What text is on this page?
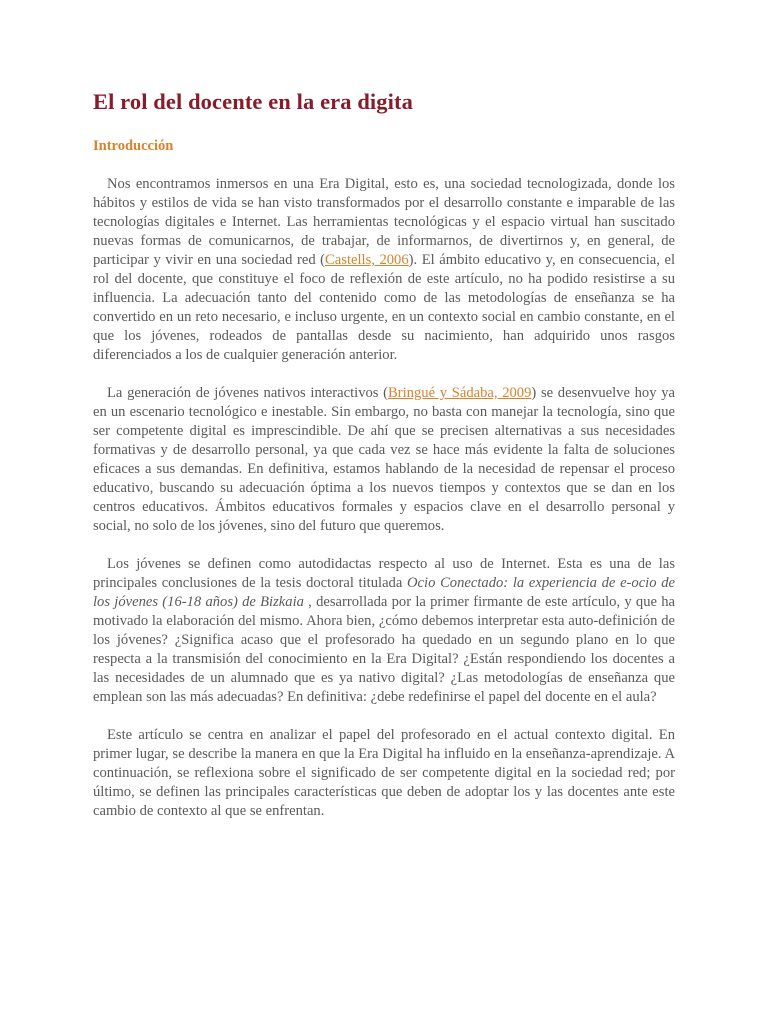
El rol del docente en la era digita
Introducción

Nos encontramos inmersos en una Era Digital, esto es, una sociedad tecnologizada, donde los hábitos y estilos de vida se han visto transformados por el desarrollo constante e imparable de las tecnologías digitales e Internet. Las herramientas tecnológicas y el espacio virtual han suscitado nuevas formas de comunicarnos, de trabajar, de informarnos, de divertirnos y, en general, de participar y vivir en una sociedad red (Castells, 2006). El ámbito educativo y, en consecuencia, el rol del docente, que constituye el foco de reflexión de este artículo, no ha podido resistirse a su influencia. La adecuación tanto del contenido como de las metodologías de enseñanza se ha convertido en un reto necesario, e incluso urgente, en un contexto social en cambio constante, en el que los jóvenes, rodeados de pantallas desde su nacimiento, han adquirido unos rasgos diferenciados a los de cualquier generación anterior.

La generación de jóvenes nativos interactivos (Bringué y Sádaba, 2009) se desenvuelve hoy ya en un escenario tecnológico e inestable. Sin embargo, no basta con manejar la tecnología, sino que ser competente digital es imprescindible. De ahí que se precisen alternativas a sus necesidades formativas y de desarrollo personal, ya que cada vez se hace más evidente la falta de soluciones eficaces a sus demandas. En definitiva, estamos hablando de la necesidad de repensar el proceso educativo, buscando su adecuación óptima a los nuevos tiempos y contextos que se dan en los centros educativos. Ámbitos educativos formales y espacios clave en el desarrollo personal y social, no solo de los jóvenes, sino del futuro que queremos.

Los jóvenes se definen como autodidactas respecto al uso de Internet. Esta es una de las principales conclusiones de la tesis doctoral titulada Ocio Conectado: la experiencia de e-ocio de los jóvenes (16-18 años) de Bizkaia , desarrollada por la primer firmante de este artículo, y que ha motivado la elaboración del mismo. Ahora bien, ¿cómo debemos interpretar esta auto-definición de los jóvenes? ¿Significa acaso que el profesorado ha quedado en un segundo plano en lo que respecta a la transmisión del conocimiento en la Era Digital? ¿Están respondiendo los docentes a las necesidades de un alumnado que es ya nativo digital? ¿Las metodologías de enseñanza que emplean son las más adecuadas? En definitiva: ¿debe redefinirse el papel del docente en el aula?

Este artículo se centra en analizar el papel del profesorado en el actual contexto digital. En primer lugar, se describe la manera en que la Era Digital ha influido en la enseñanza-aprendizaje. A continuación, se reflexiona sobre el significado de ser competente digital en la sociedad red; por último, se definen las principales características que deben de adoptar los y las docentes ante este cambio de contexto al que se enfrentan.
